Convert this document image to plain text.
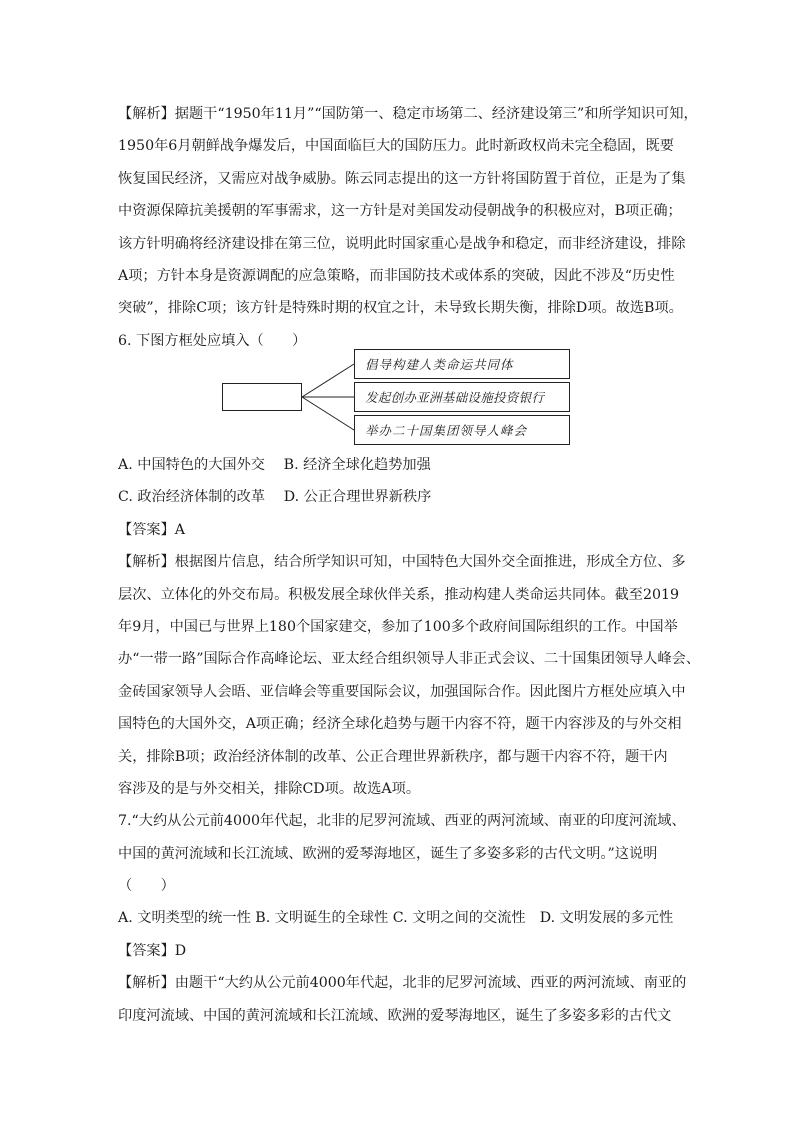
【解析】据题干“1950年11月”“国防第一、稳定市场第二、经济建设第三”和所学知识可知，
1950年6月朝鲜战争爆发后，中国面临巨大的国防压力。此时新政权尚未完全稳固，既要
恢复国民经济，又需应对战争威胁。陈云同志提出的这一方针将国防置于首位，正是为了集
中资源保障抗美援朝的军事需求，这一方针是对美国发动侵朝战争的积极应对，B项正确；
该方针明确将经济建设排在第三位，说明此时国家重心是战争和稳定，而非经济建设，排除
A项；方针本身是资源调配的应急策略，而非国防技术或体系的突破，因此不涉及“历史性
突破”，排除C项；该方针是特殊时期的权宜之计，未导致长期失衡，排除D项。故选B项。
6. 下图方框处应填入（　　）
倡导构建人类命运共同体
发起创办亚洲基础设施投资银行
举办二十国集团领导人峰会
A. 中国特色的大国外交　 B. 经济全球化趋势加强
C. 政治经济体制的改革　 D. 公正合理世界新秩序
【答案】A
【解析】根据图片信息，结合所学知识可知，中国特色大国外交全面推进，形成全方位、多
层次、立体化的外交布局。积极发展全球伙伴关系，推动构建人类命运共同体。截至2019
年9月，中国已与世界上180个国家建交，参加了100多个政府间国际组织的工作。中国举
办“一带一路”国际合作高峰论坛、亚太经合组织领导人非正式会议、二十国集团领导人峰会、
金砖国家领导人会晤、亚信峰会等重要国际会议，加强国际合作。因此图片方框处应填入中
国特色的大国外交，A项正确；经济全球化趋势与题干内容不符，题干内容涉及的与外交相
关，排除B项；政治经济体制的改革、公正合理世界新秩序，都与题干内容不符，题干内
容涉及的是与外交相关，排除CD项。故选A项。
7.“大约从公元前4000年代起，北非的尼罗河流域、西亚的两河流域、南亚的印度河流域、
中国的黄河流域和长江流域、欧洲的爱琴海地区，诞生了多姿多彩的古代文明。”这说明
（　　）
A. 文明类型的统一性 B. 文明诞生的全球性 C. 文明之间的交流性　D. 文明发展的多元性
【答案】D
【解析】由题干“大约从公元前4000年代起，北非的尼罗河流域、西亚的两河流域、南亚的
印度河流域、中国的黄河流域和长江流域、欧洲的爱琴海地区，诞生了多姿多彩的古代文
